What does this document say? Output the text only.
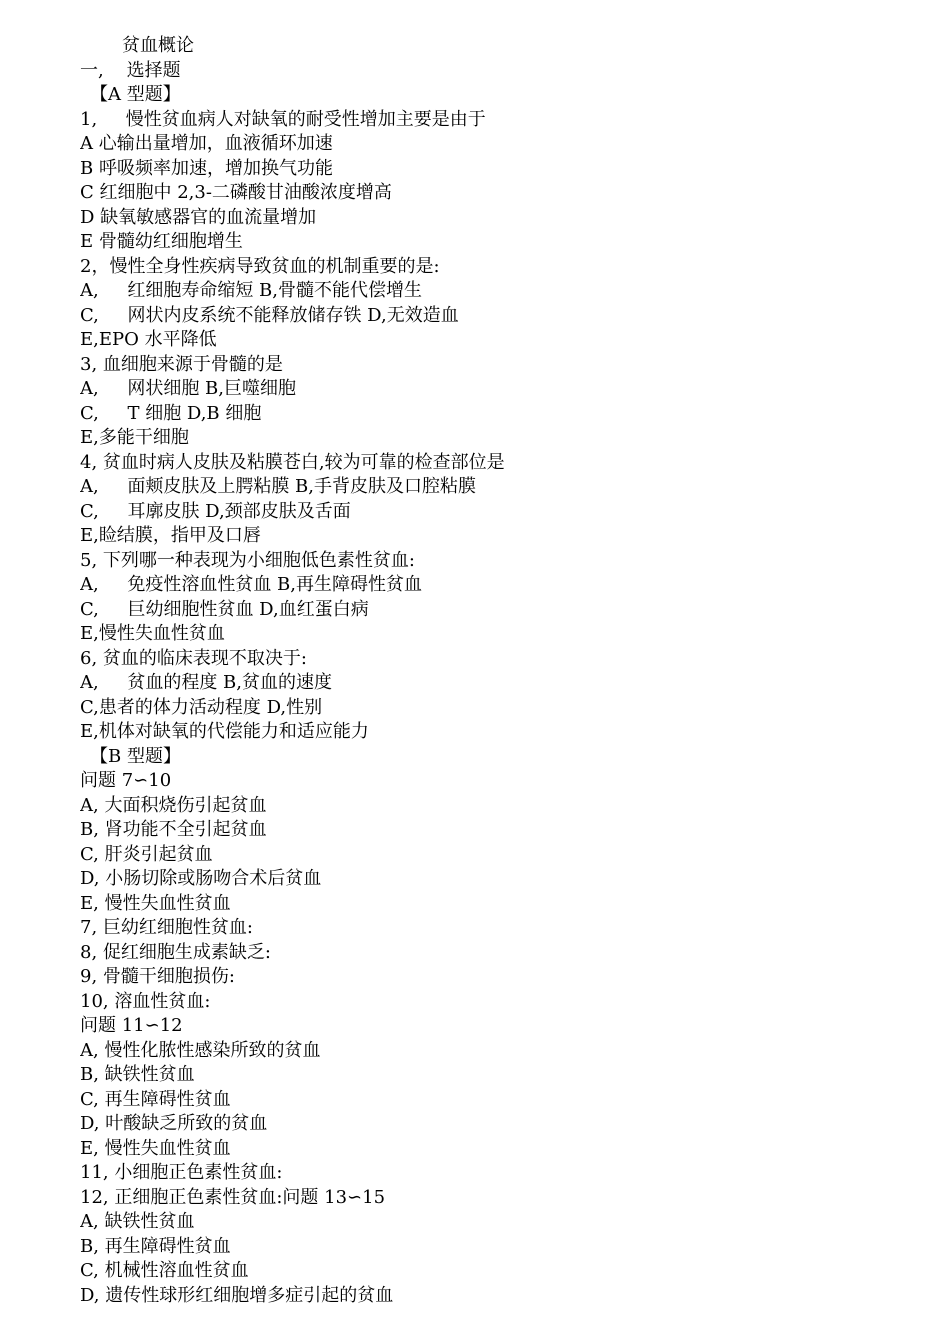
贫血概论
一,    选择题
【A 型题】
1,     慢性贫血病人对缺氧的耐受性增加主要是由于
A 心输出量增加，血液循环加速
B 呼吸频率加速，增加换气功能
C 红细胞中 2,3-二磷酸甘油酸浓度增高
D 缺氧敏感器官的血流量增加
E 骨髓幼红细胞增生
2，慢性全身性疾病导致贫血的机制重要的是:
A,     红细胞寿命缩短 B,骨髓不能代偿增生
C,     网状内皮系统不能释放储存铁 D,无效造血
E,EPO 水平降低
3, 血细胞来源于骨髓的是
A,     网状细胞 B,巨噬细胞
C,     T 细胞 D,B 细胞
E,多能干细胞
4, 贫血时病人皮肤及粘膜苍白,较为可靠的检查部位是
A,     面颊皮肤及上腭粘膜 B,手背皮肤及口腔粘膜
C,     耳廓皮肤 D,颈部皮肤及舌面
E,睑结膜，指甲及口唇
5, 下列哪一种表现为小细胞低色素性贫血:
A,     免疫性溶血性贫血 B,再生障碍性贫血
C,     巨幼细胞性贫血 D,血红蛋白病
E,慢性失血性贫血
6, 贫血的临床表现不取决于:
A,     贫血的程度 B,贫血的速度
C,患者的体力活动程度 D,性别
E,机体对缺氧的代偿能力和适应能力
【B 型题】
问题 7∽10
A, 大面积烧伤引起贫血
B, 肾功能不全引起贫血
C, 肝炎引起贫血
D, 小肠切除或肠吻合术后贫血
E, 慢性失血性贫血
7, 巨幼红细胞性贫血:
8, 促红细胞生成素缺乏:
9, 骨髓干细胞损伤:
10, 溶血性贫血:
问题 11∽12
A, 慢性化脓性感染所致的贫血
B, 缺铁性贫血
C, 再生障碍性贫血
D, 叶酸缺乏所致的贫血
E, 慢性失血性贫血
11, 小细胞正色素性贫血:
12, 正细胞正色素性贫血:问题 13∽15
A, 缺铁性贫血
B, 再生障碍性贫血
C, 机械性溶血性贫血
D, 遗传性球形红细胞增多症引起的贫血
